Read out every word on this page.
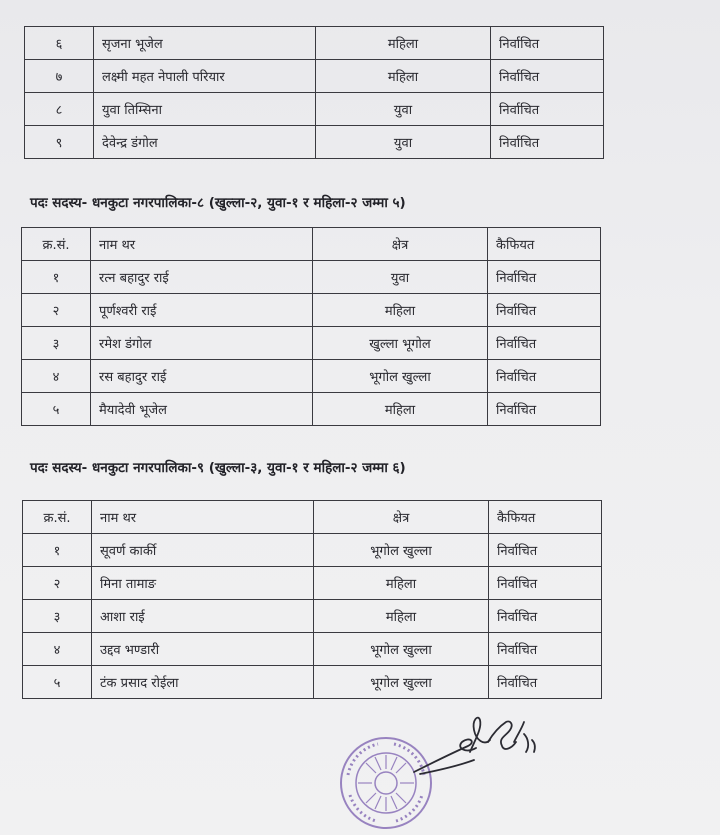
६	सृजना भूजेल	महिला	निर्वाचित
७	लक्ष्मी महत नेपाली परियार	महिला	निर्वाचित
८	युवा तिम्सिना	युवा	निर्वाचित
९	देवेन्द्र डंगोल	युवा	निर्वाचित
पदः सदस्य- धनकुटा नगरपालिका-८ (खुल्ला-२, युवा-१ र महिला-२ जम्मा ५)
क्र.सं.	नाम थर	क्षेत्र	कैफियत
१	रत्न बहादुर राई	युवा	निर्वाचित
२	पूर्णश्वरी राई	महिला	निर्वाचित
३	रमेश डंगोल	खुल्ला भूगोल	निर्वाचित
४	रस बहादुर राई	भूगोल खुल्ला	निर्वाचित
५	मैयादेवी भूजेल	महिला	निर्वाचित
पदः सदस्य- धनकुटा नगरपालिका-९ (खुल्ला-३, युवा-१ र महिला-२ जम्मा ६)
क्र.सं.	नाम थर	क्षेत्र	कैफियत
१	सूवर्ण कार्की	भूगोल खुल्ला	निर्वाचित
२	मिना तामाङ	महिला	निर्वाचित
३	आशा राई	महिला	निर्वाचित
४	उद्दव भण्डारी	भूगोल खुल्ला	निर्वाचित
५	टंक प्रसाद रोईला	भूगोल खुल्ला	निर्वाचित
